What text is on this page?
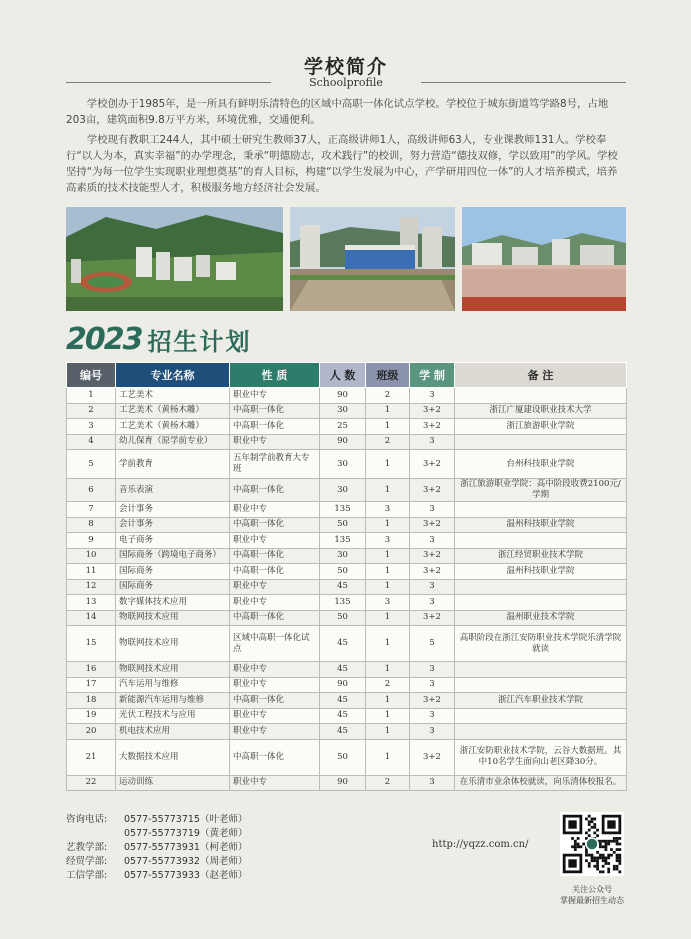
学校简介
Schoolprofile

学校创办于1985年，是一所具有鲜明乐清特色的区域中高职一体化试点学校。学校位于城东街道笃学路8号，占地203亩，建筑面积9.8万平方米，环境优雅，交通便利。

学校现有教职工244人，其中硕士研究生教师37人，正高级讲师1人，高级讲师63人，专业课教师131人。学校奉行“以人为本，真实幸福”的办学理念，秉承“明德励志，攻术践行”的校训，努力营造“德技双修，学以致用”的学风。学校坚持“为每一位学生实现职业理想奠基”的育人目标，构建“以学生发展为中心，产学研用四位一体”的人才培养模式，培养高素质的技术技能型人才，积极服务地方经济社会发展。

2023 招生计划
编号	专业名称	性 质	人 数	班级	学 制	备 注
1	工艺美术	职业中专	90	2	3	
2	工艺美术（黄杨木雕）	中高职一体化	30	1	3+2	浙江广厦建设职业技术大学
3	工艺美术（黄杨木雕）	中高职一体化	25	1	3+2	浙江旅游职业学院
4	幼儿保育（原学前专业）	职业中专	90	2	3	
5	学前教育	五年制学前教育大专班	30	1	3+2	台州科技职业学院
6	音乐表演	中高职一体化	30	1	3+2	浙江旅游职业学院：高中阶段收费2100元/学期
7	会计事务	职业中专	135	3	3	
8	会计事务	中高职一体化	50	1	3+2	温州科技职业学院
9	电子商务	职业中专	135	3	3	
10	国际商务（跨境电子商务）	中高职一体化	30	1	3+2	浙江经贸职业技术学院
11	国际商务	中高职一体化	50	1	3+2	温州科技职业学院
12	国际商务	职业中专	45	1	3	
13	数字媒体技术应用	职业中专	135	3	3	
14	物联网技术应用	中高职一体化	50	1	3+2	温州职业技术学院
15	物联网技术应用	区域中高职一体化试点	45	1	5	高职阶段在浙江安防职业技术学院乐清学院就读
16	物联网技术应用	职业中专	45	1	3	
17	汽车运用与维修	职业中专	90	2	3	
18	新能源汽车运用与维修	中高职一体化	45	1	3+2	浙江汽车职业技术学院
19	光伏工程技术与应用	职业中专	45	1	3	
20	机电技术应用	职业中专	45	1	3	
21	大数据技术应用	中高职一体化	50	1	3+2	浙江安防职业技术学院，云谷大数据班。其中10名学生面向山老区降30分。
22	运动训练	职业中专	90	2	3	在乐清市业余体校就读，向乐清体校报名。
咨询电话: 0577-55773715（叶老师）
0577-55773719（黄老师）
艺教学部: 0577-55773931（柯老师）
经贸学部: 0577-55773932（周老师）
工信学部: 0577-55773933（赵老师）
http://yqzz.com.cn/
关注公众号
掌握最新招生动态
